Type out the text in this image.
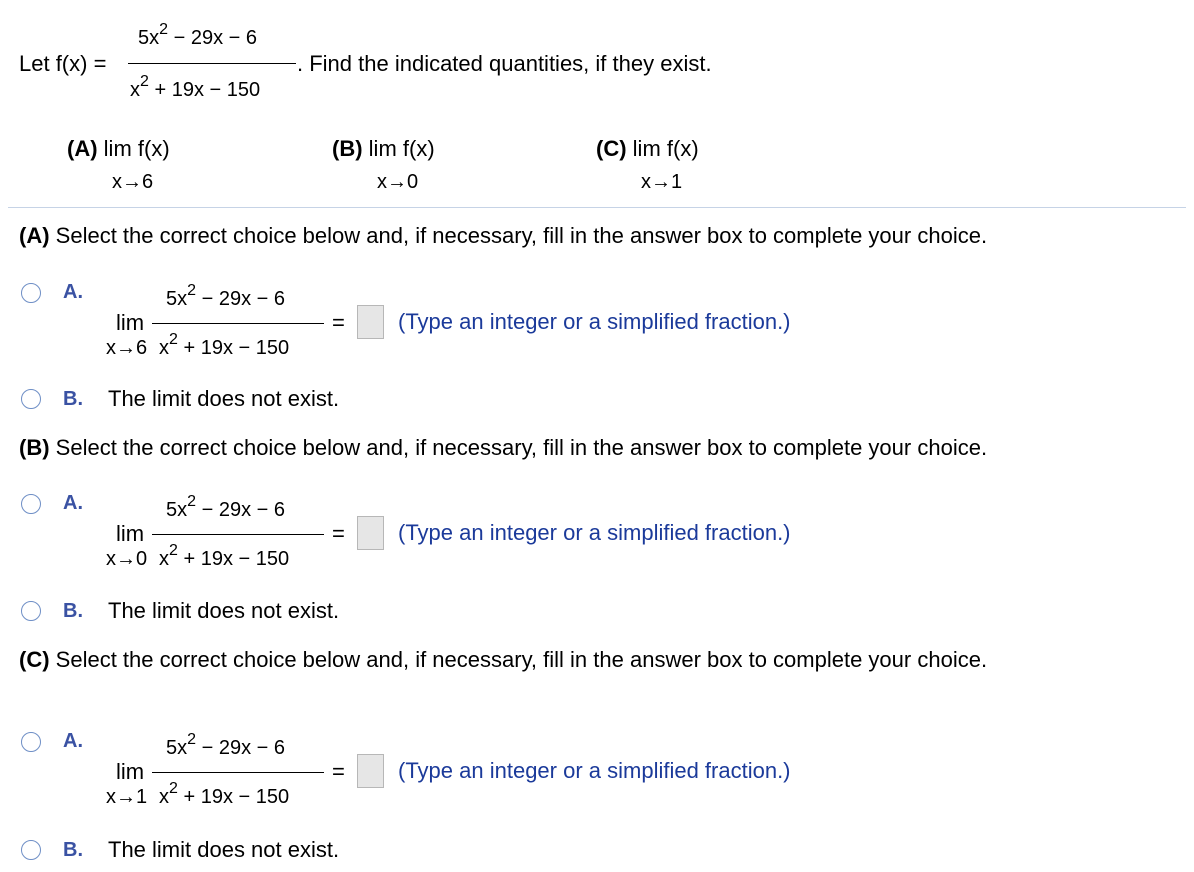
Let f(x) =
$5x^2 - 29x - 6$
$x^2 + 19x - 150$
. Find the indicated quantities, if they exist.
(A) lim f(x)
x→6
(B) lim f(x)
x→0
(C) lim f(x)
x→1
(A) Select the correct choice below and, if necessary, fill in the answer box to complete your choice.
A.	$5x^2 - 29x - 6$
lim
x→6 $x^2 + 19x - 150$
= (Type an integer or a simplified fraction.)
B. The limit does not exist.
(B) Select the correct choice below and, if necessary, fill in the answer box to complete your choice.
A.	$5x^2 - 29x - 6$
lim
x→0 $x^2 + 19x - 150$
= (Type an integer or a simplified fraction.)
B. The limit does not exist.
(C) Select the correct choice below and, if necessary, fill in the answer box to complete your choice.
A.	$5x^2 - 29x - 6$
lim
x→1 $x^2 + 19x - 150$
= (Type an integer or a simplified fraction.)
B. The limit does not exist.
